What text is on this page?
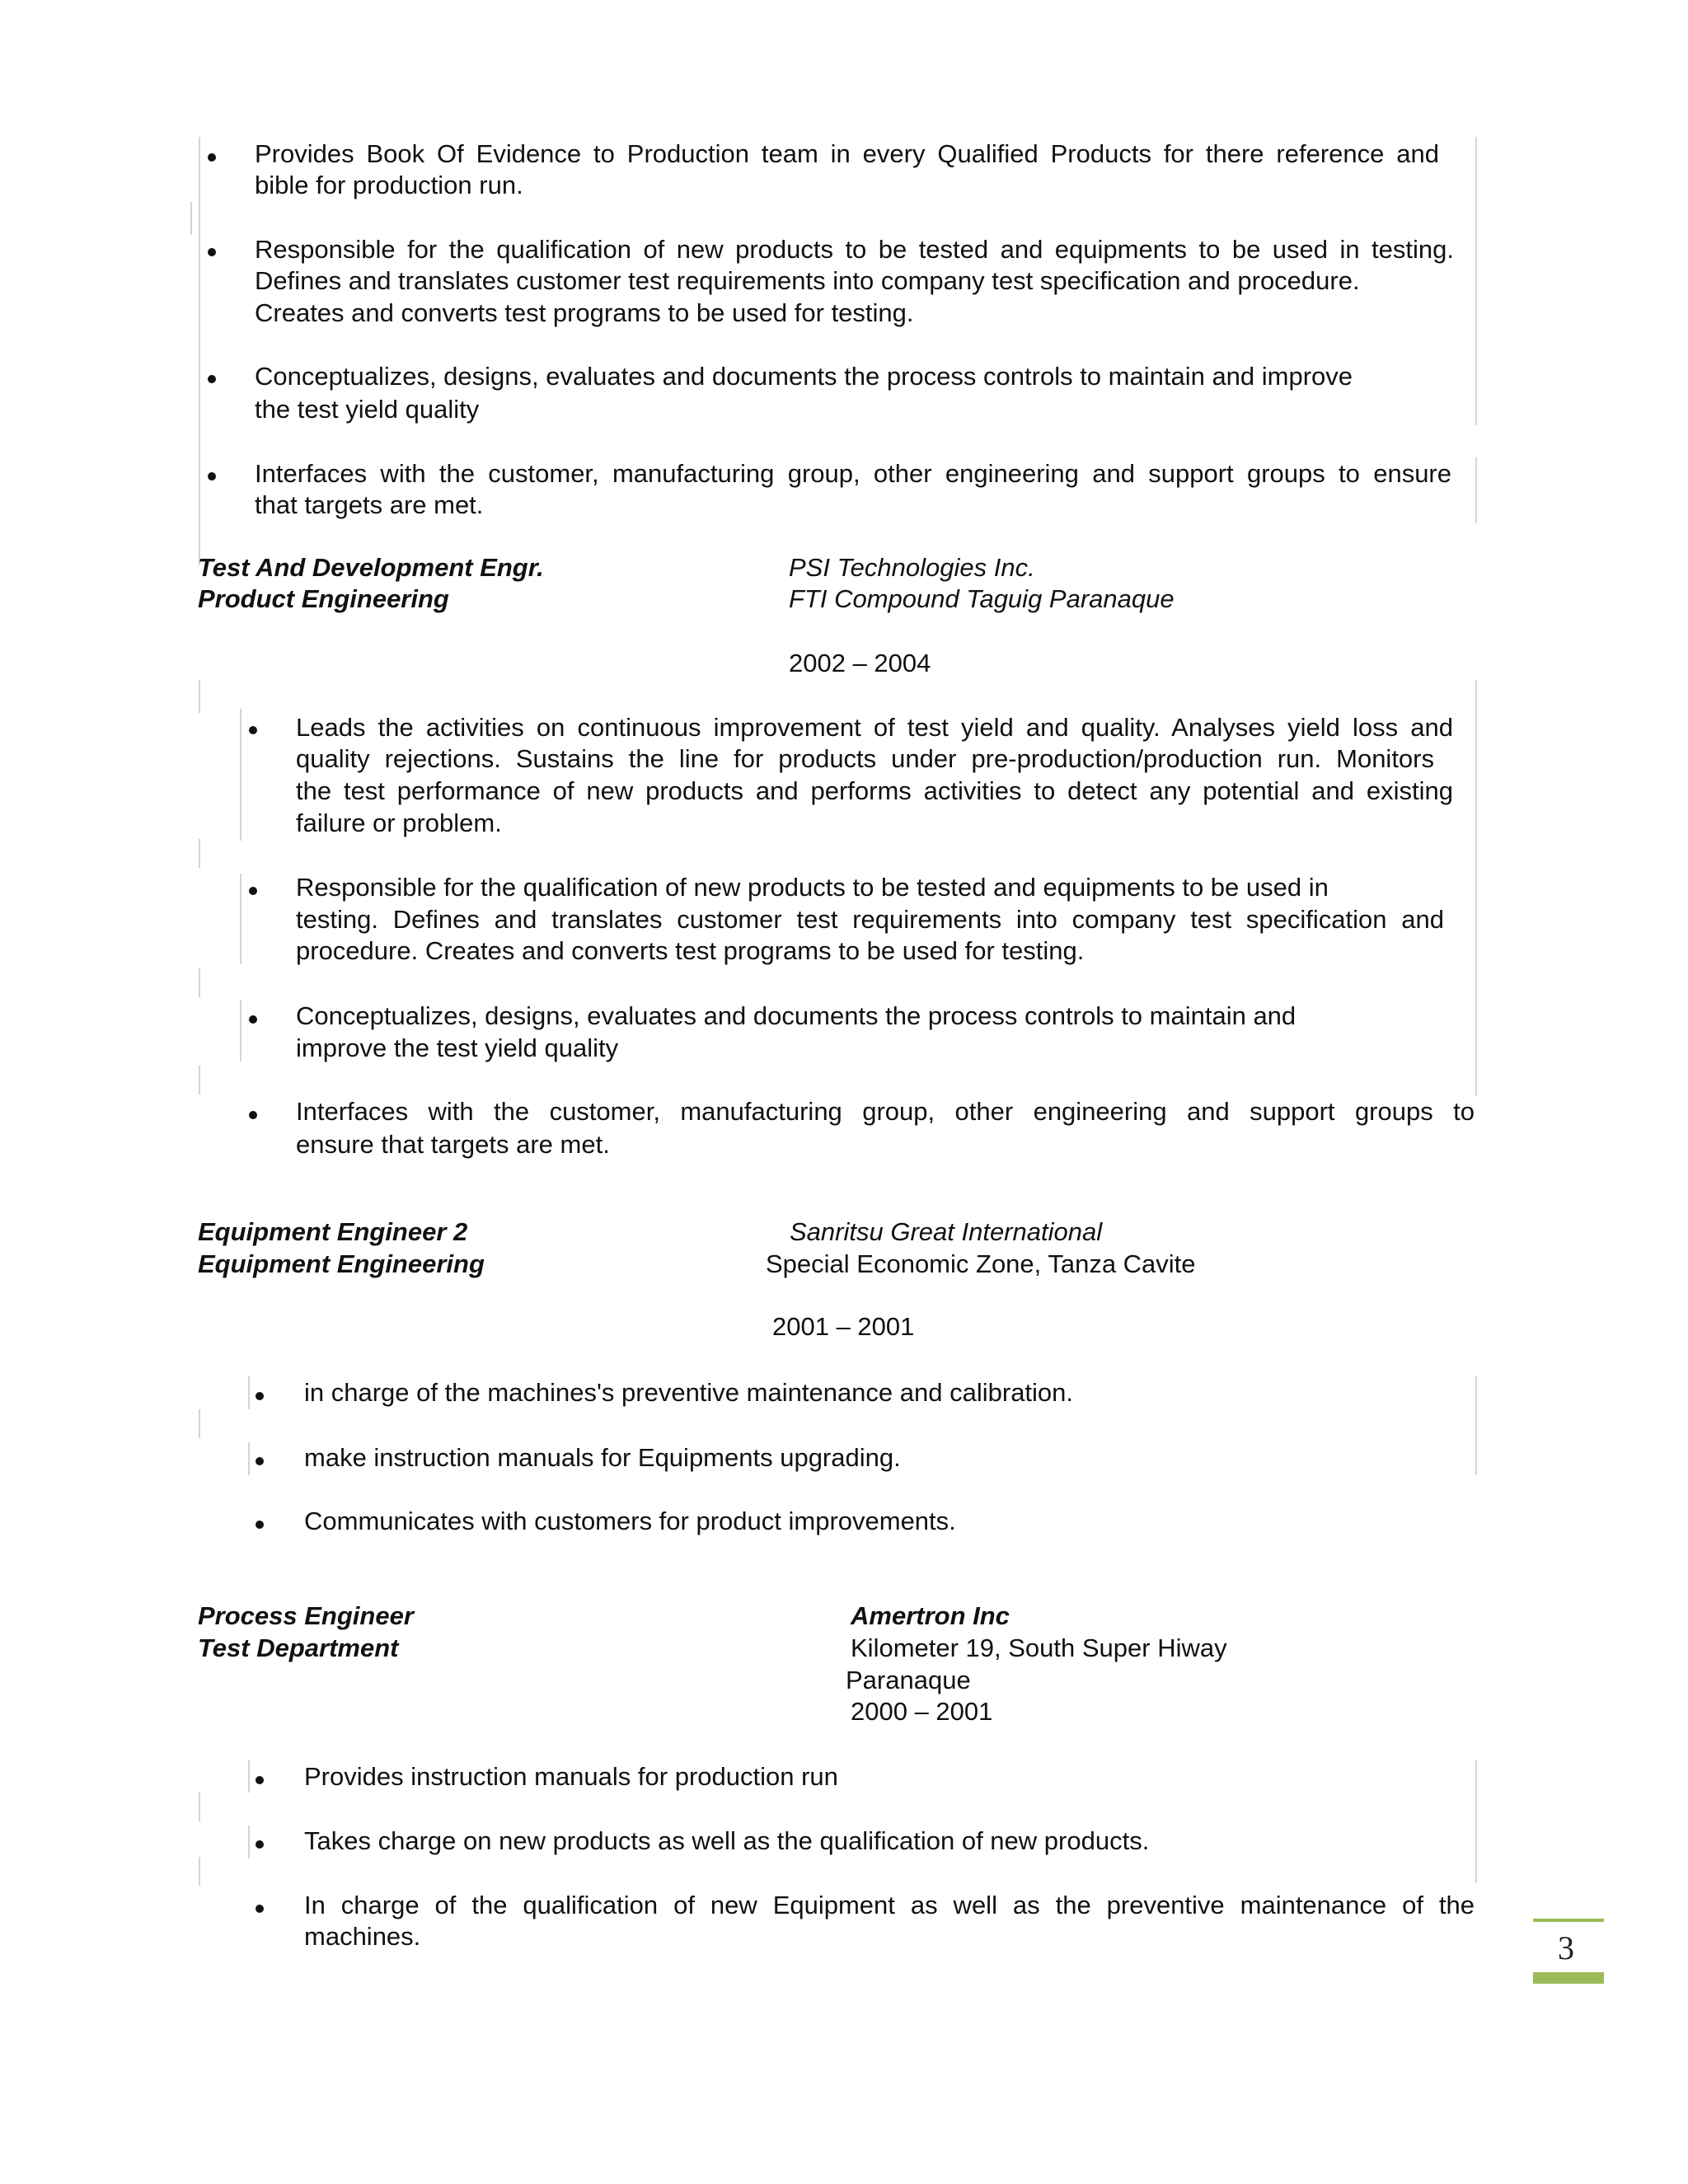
Provides Book Of Evidence to Production team in every Qualified Products for there reference and
bible for production run.
Responsible for the qualification of new products to be tested and equipments to be used in testing.
Defines and translates customer test requirements into company test specification and procedure.
Creates and converts test programs to be used for testing.
Conceptualizes, designs, evaluates and documents the process controls to maintain and improve
the test yield quality
Interfaces with the customer, manufacturing group, other engineering and support groups to ensure
that targets are met.
Test And Development Engr.
Product Engineering
PSI Technologies Inc.
FTI Compound Taguig Paranaque
2002 – 2004
Leads the activities on continuous improvement of test yield and quality. Analyses yield loss and
quality rejections. Sustains the line for products under pre-production/production run. Monitors
the test performance of new products and performs activities to detect any potential and existing
failure or problem.
Responsible for the qualification of new products to be tested and equipments to be used in
testing. Defines and translates customer test requirements into company test specification and
procedure. Creates and converts test programs to be used for testing.
Conceptualizes, designs, evaluates and documents the process controls to maintain and
improve the test yield quality
Interfaces with the customer, manufacturing group, other engineering and support groups to
ensure that targets are met.
Equipment Engineer 2
Equipment Engineering
Sanritsu Great International
Special Economic Zone, Tanza Cavite
2001 – 2001
in charge of the machines's preventive maintenance and calibration.
make instruction manuals for Equipments upgrading.
Communicates with customers for product improvements.
Process Engineer
Test Department
Amertron Inc
Kilometer 19, South Super Hiway
Paranaque
2000 – 2001
Provides instruction manuals for production run
Takes charge on new products as well as the qualification of new products.
In charge of the qualification of new Equipment as well as the preventive maintenance of the
machines.	3
